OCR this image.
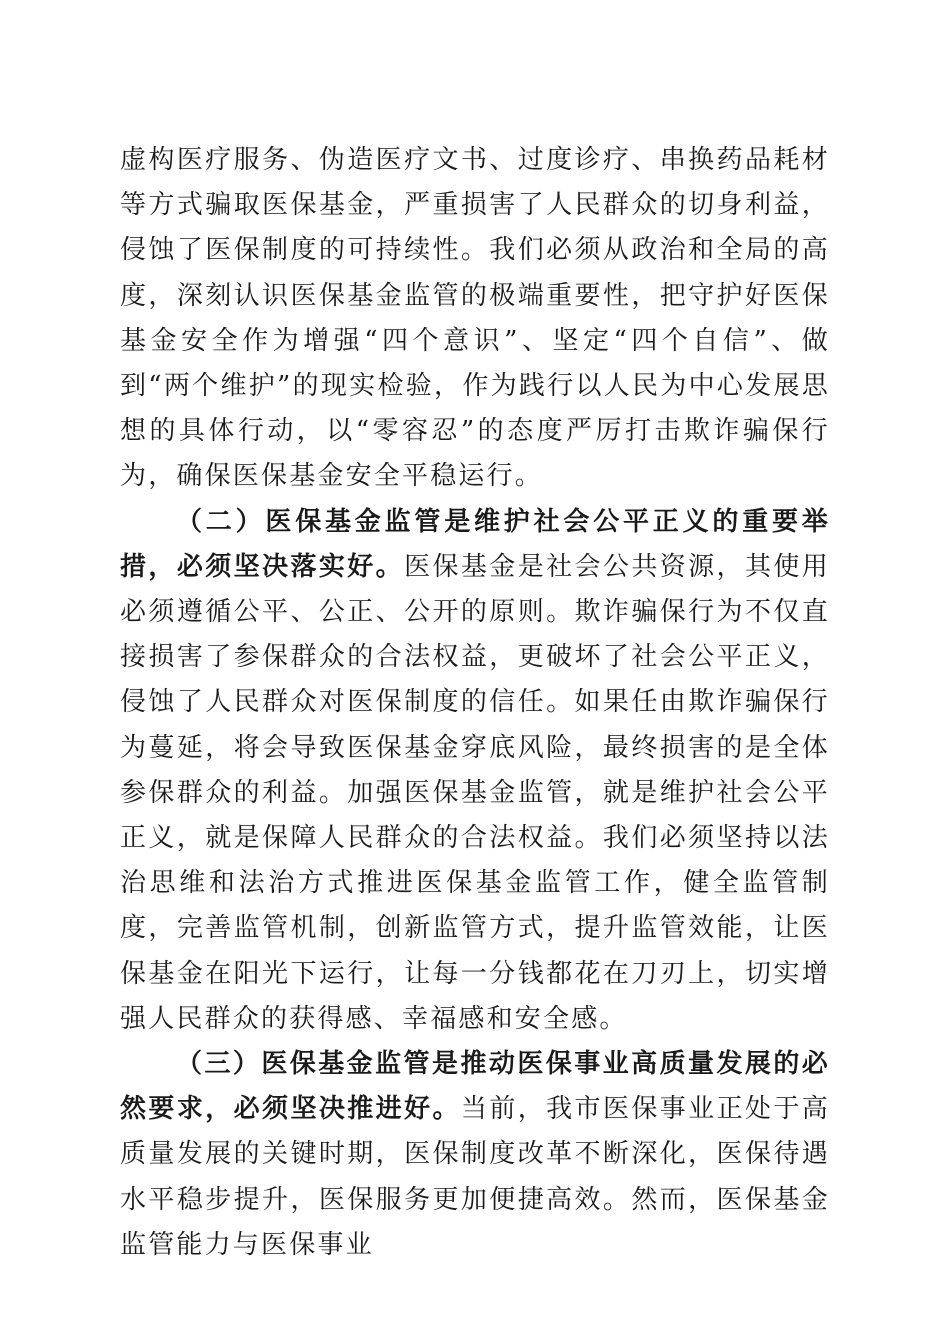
虚构医疗服务、伪造医疗文书、过度诊疗、串换药品耗材等方式骗取医保基金，严重损害了人民群众的切身利益，侵蚀了医保制度的可持续性。我们必须从政治和全局的高度，深刻认识医保基金监管的极端重要性，把守护好医保基金安全作为增强“四个意识”、坚定“四个自信”、做到“两个维护”的现实检验，作为践行以人民为中心发展思想的具体行动，以“零容忍”的态度严厉打击欺诈骗保行为，确保医保基金安全平稳运行。

（二）医保基金监管是维护社会公平正义的重要举措，必须坚决落实好。医保基金是社会公共资源，其使用必须遵循公平、公正、公开的原则。欺诈骗保行为不仅直接损害了参保群众的合法权益，更破坏了社会公平正义，侵蚀了人民群众对医保制度的信任。如果任由欺诈骗保行为蔓延，将会导致医保基金穿底风险，最终损害的是全体参保群众的利益。加强医保基金监管，就是维护社会公平正义，就是保障人民群众的合法权益。我们必须坚持以法治思维和法治方式推进医保基金监管工作，健全监管制度，完善监管机制，创新监管方式，提升监管效能，让医保基金在阳光下运行，让每一分钱都花在刀刃上，切实增强人民群众的获得感、幸福感和安全感。

（三）医保基金监管是推动医保事业高质量发展的必然要求，必须坚决推进好。当前，我市医保事业正处于高质量发展的关键时期，医保制度改革不断深化，医保待遇水平稳步提升，医保服务更加便捷高效。然而，医保基金监管能力与医保事业
